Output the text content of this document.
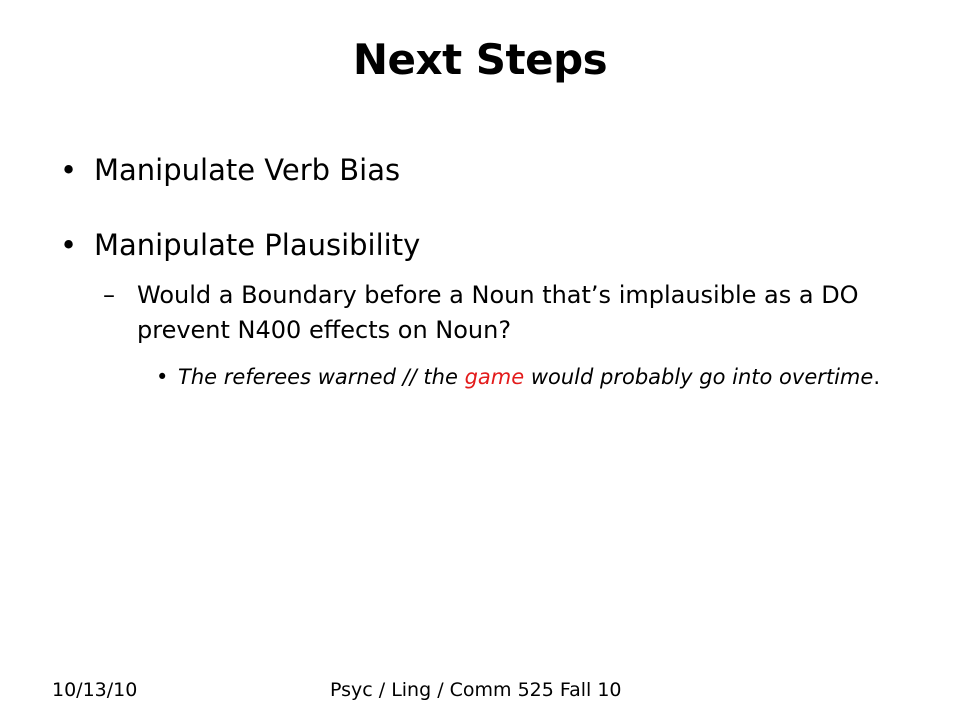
Next Steps
• Manipulate Verb Bias
• Manipulate Plausibility
– Would a Boundary before a Noun that’s implausible as a DO prevent N400 effects on Noun?
• The referees warned // the game would probably go into overtime.
10/13/10	Psyc / Ling / Comm 525 Fall 10
